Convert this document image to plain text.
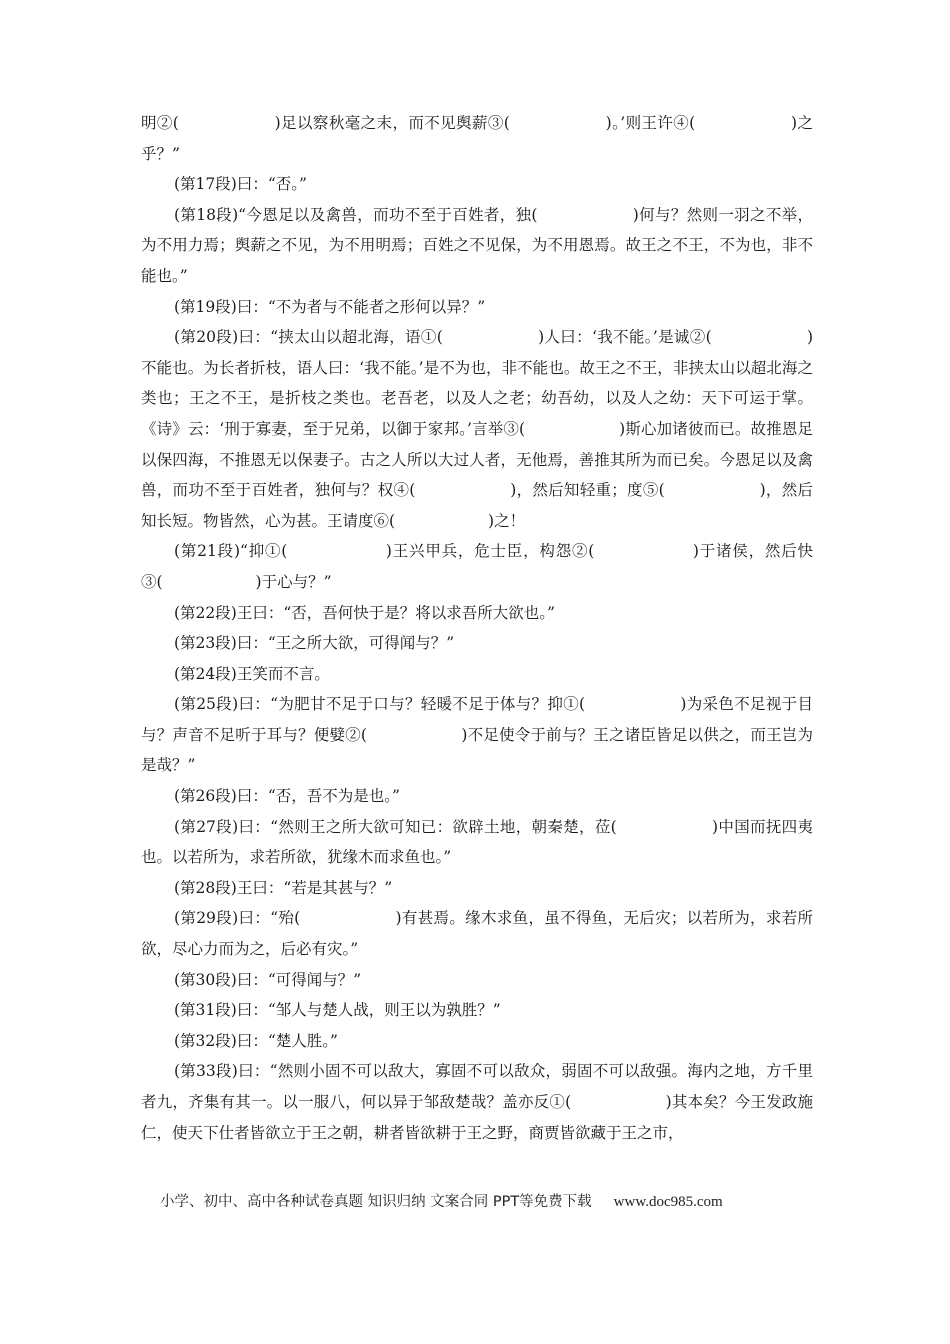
明②(　　　　　　)足以察秋毫之末，而不见舆薪③(　　　　　　)。’则王许④(　　　　　　)之乎？”

(第17段)曰：“否。”

(第18段)“今恩足以及禽兽，而功不至于百姓者，独(　　　　　　)何与？然则一羽之不举，为不用力焉；舆薪之不见，为不用明焉；百姓之不见保，为不用恩焉。故王之不王，不为也，非不能也。”

(第19段)曰：“不为者与不能者之形何以异？”

(第20段)曰：“挟太山以超北海，语①(　　　　　　)人曰：‘我不能。’是诚②(　　　　　　)不能也。为长者折枝，语人曰：‘我不能。’是不为也，非不能也。故王之不王，非挟太山以超北海之类也；王之不王，是折枝之类也。老吾老，以及人之老；幼吾幼，以及人之幼：天下可运于掌。《诗》云：‘刑于寡妻，至于兄弟，以御于家邦。’言举③(　　　　　　)斯心加诸彼而已。故推恩足以保四海，不推恩无以保妻子。古之人所以大过人者，无他焉，善推其所为而已矣。今恩足以及禽兽，而功不至于百姓者，独何与？权④(　　　　　　)，然后知轻重；度⑤(　　　　　　)，然后知长短。物皆然，心为甚。王请度⑥(　　　　　　)之！

(第21段)“抑①(　　　　　　)王兴甲兵，危士臣，构怨②(　　　　　　)于诸侯，然后快③(　　　　　　)于心与？”

(第22段)王曰：“否，吾何快于是？将以求吾所大欲也。”

(第23段)曰：“王之所大欲，可得闻与？”

(第24段)王笑而不言。

(第25段)曰：“为肥甘不足于口与？轻暖不足于体与？抑①(　　　　　　)为采色不足视于目与？声音不足听于耳与？便嬖②(　　　　　　)不足使令于前与？王之诸臣皆足以供之，而王岂为是哉？”

(第26段)曰：“否，吾不为是也。”

(第27段)曰：“然则王之所大欲可知已：欲辟土地，朝秦楚，莅(　　　　　　)中国而抚四夷也。以若所为，求若所欲，犹缘木而求鱼也。”

(第28段)王曰：“若是其甚与？”

(第29段)曰：“殆(　　　　　　)有甚焉。缘木求鱼，虽不得鱼，无后灾；以若所为，求若所欲，尽心力而为之，后必有灾。”

(第30段)曰：“可得闻与？”

(第31段)曰：“邹人与楚人战，则王以为孰胜？”

(第32段)曰：“楚人胜。”

(第33段)曰：“然则小固不可以敌大，寡固不可以敌众，弱固不可以敌强。海内之地，方千里者九，齐集有其一。以一服八，何以异于邹敌楚哉？盖亦反①(　　　　　　)其本矣？今王发政施仁，使天下仕者皆欲立于王之朝，耕者皆欲耕于王之野，商贾皆欲藏于王之市，

小学、初中、高中各种试卷真题 知识归纳 文案合同 PPT等免费下载 www.doc985.com
